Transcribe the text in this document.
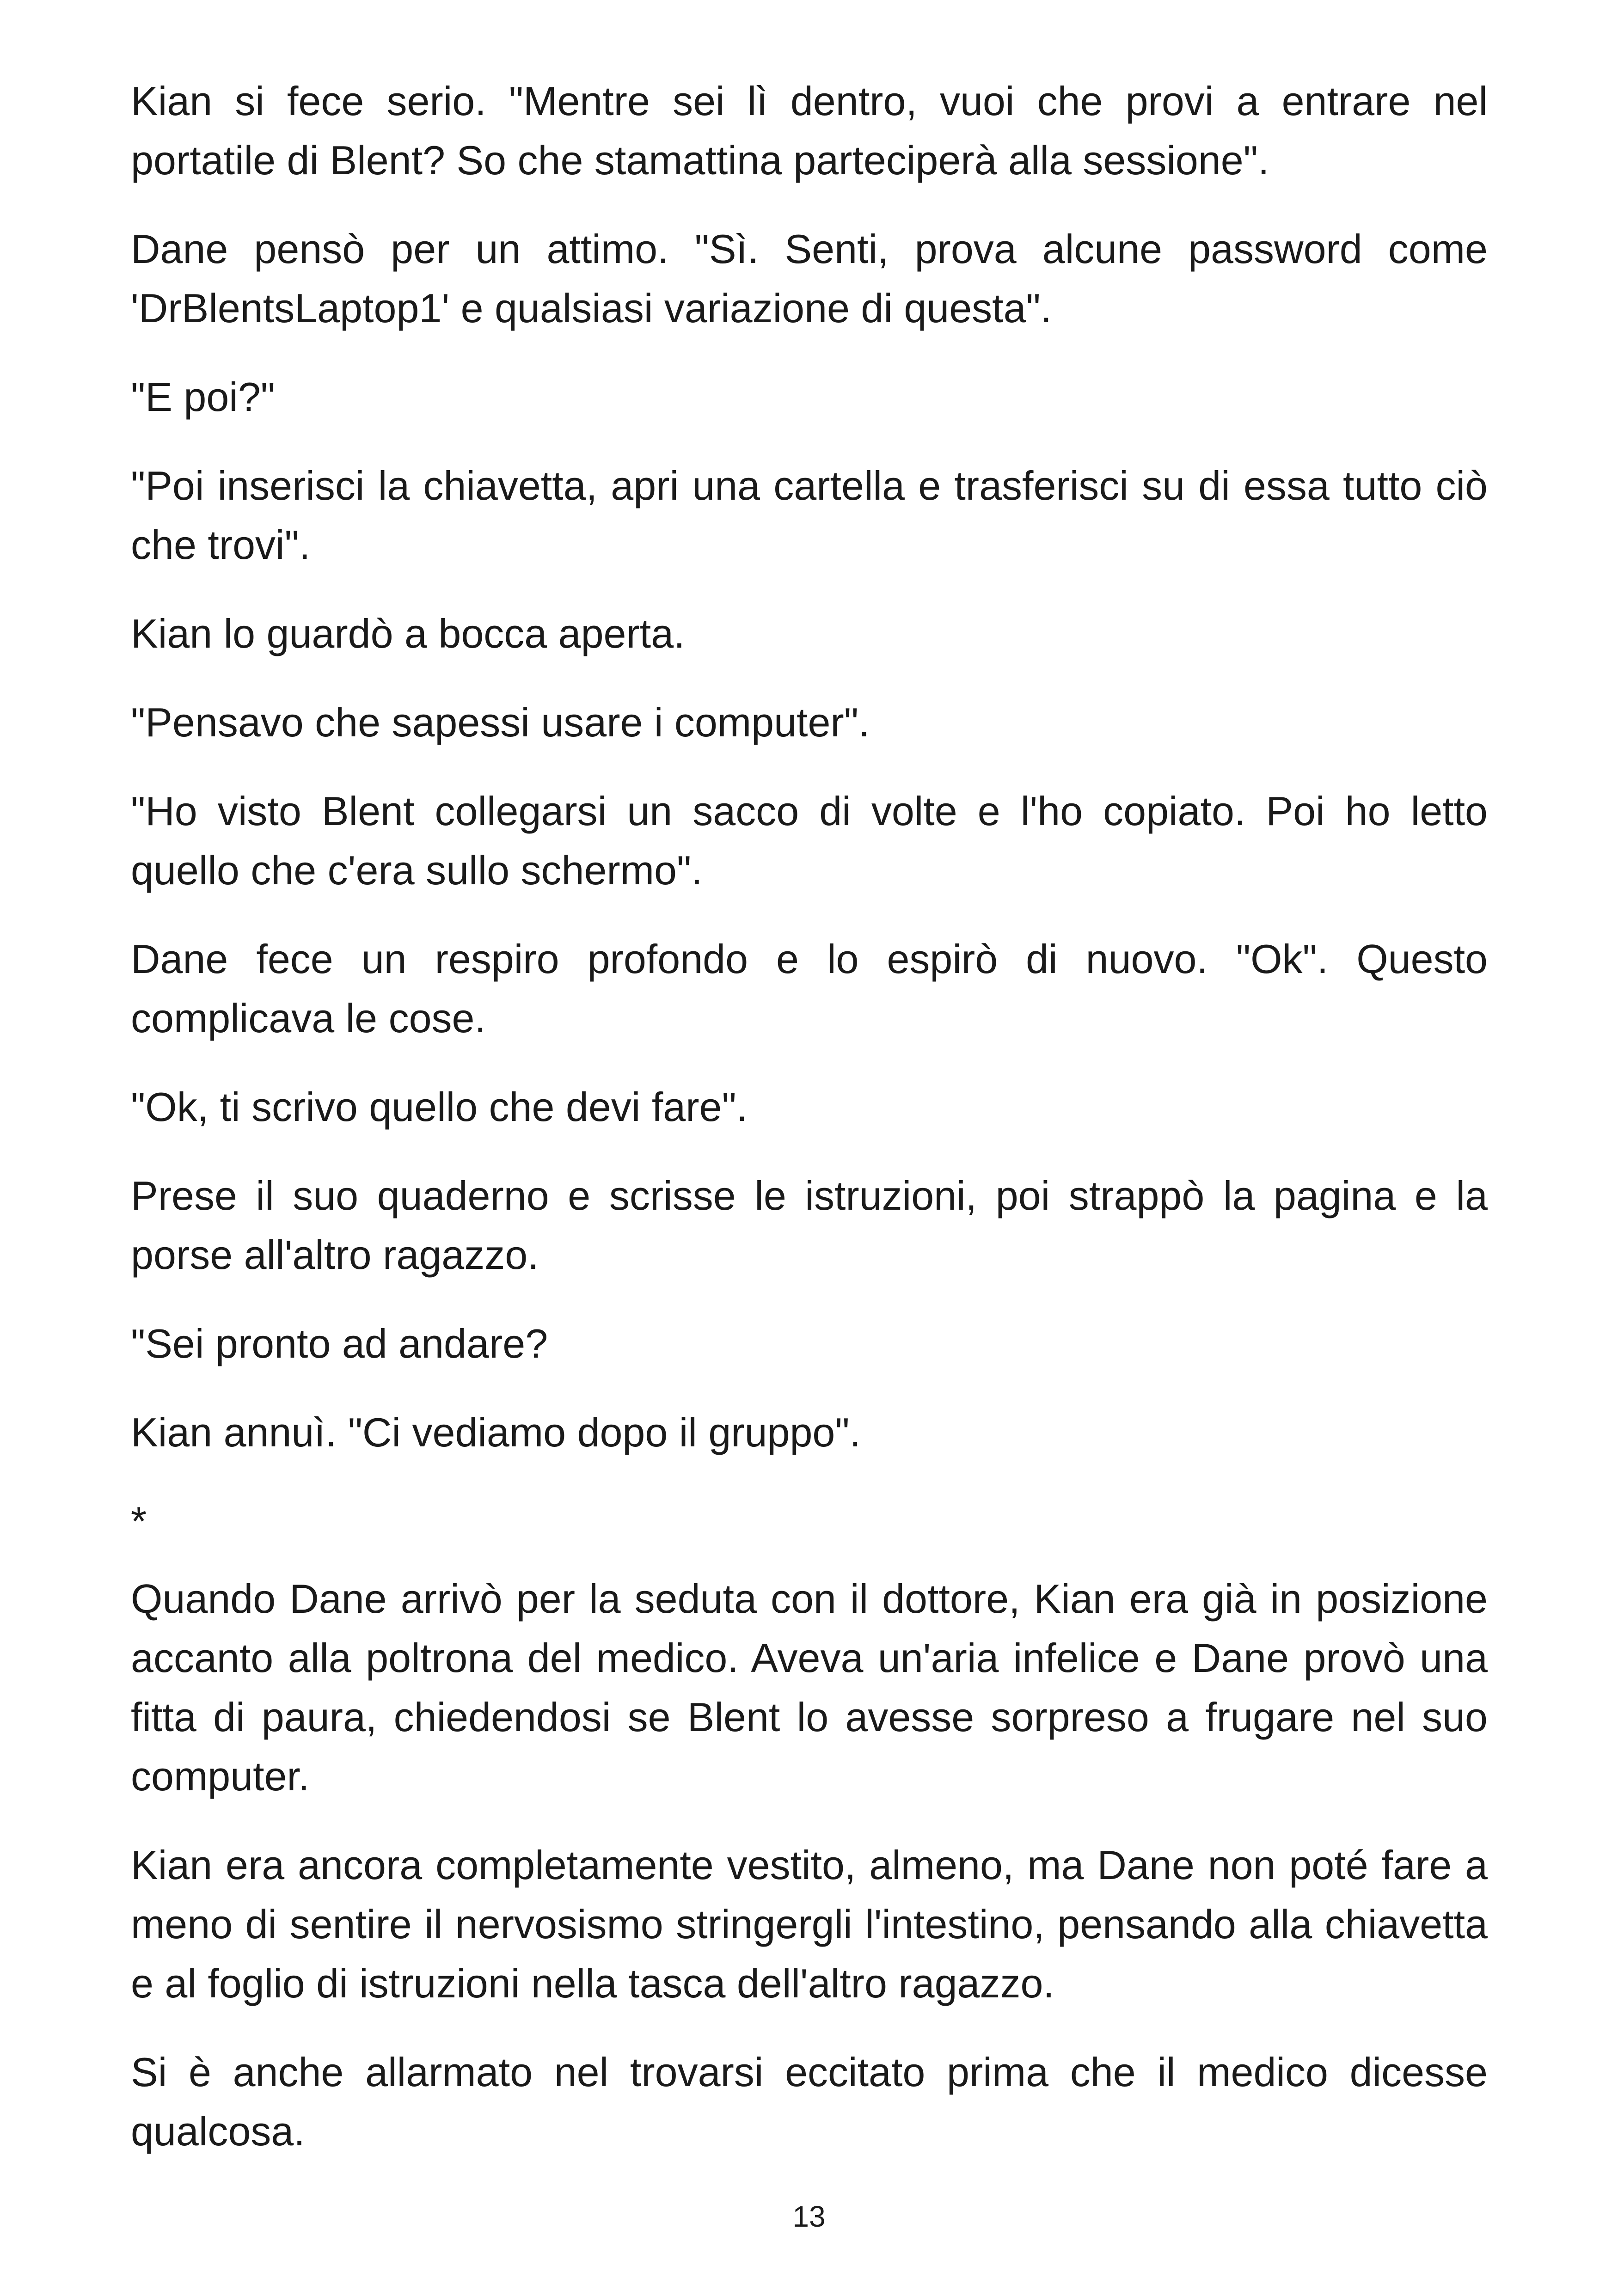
Kian si fece serio. "Mentre sei lì dentro, vuoi che provi a entrare nel portatile di Blent? So che stamattina parteciperà alla sessione".

Dane pensò per un attimo. "Sì. Senti, prova alcune password come 'DrBlentsLaptop1' e qualsiasi variazione di questa".

"E poi?"

"Poi inserisci la chiavetta, apri una cartella e trasferisci su di essa tutto ciò che trovi".

Kian lo guardò a bocca aperta.

"Pensavo che sapessi usare i computer".

"Ho visto Blent collegarsi un sacco di volte e l'ho copiato. Poi ho letto quello che c'era sullo schermo".

Dane fece un respiro profondo e lo espirò di nuovo. "Ok". Questo complicava le cose.

"Ok, ti scrivo quello che devi fare".

Prese il suo quaderno e scrisse le istruzioni, poi strappò la pagina e la porse all'altro ragazzo.

"Sei pronto ad andare?

Kian annuì. "Ci vediamo dopo il gruppo".

*

Quando Dane arrivò per la seduta con il dottore, Kian era già in posizione accanto alla poltrona del medico. Aveva un'aria infelice e Dane provò una fitta di paura, chiedendosi se Blent lo avesse sorpreso a frugare nel suo computer.

Kian era ancora completamente vestito, almeno, ma Dane non poté fare a meno di sentire il nervosismo stringergli l'intestino, pensando alla chiavetta e al foglio di istruzioni nella tasca dell'altro ragazzo.

Si è anche allarmato nel trovarsi eccitato prima che il medico dicesse qualcosa.

13
